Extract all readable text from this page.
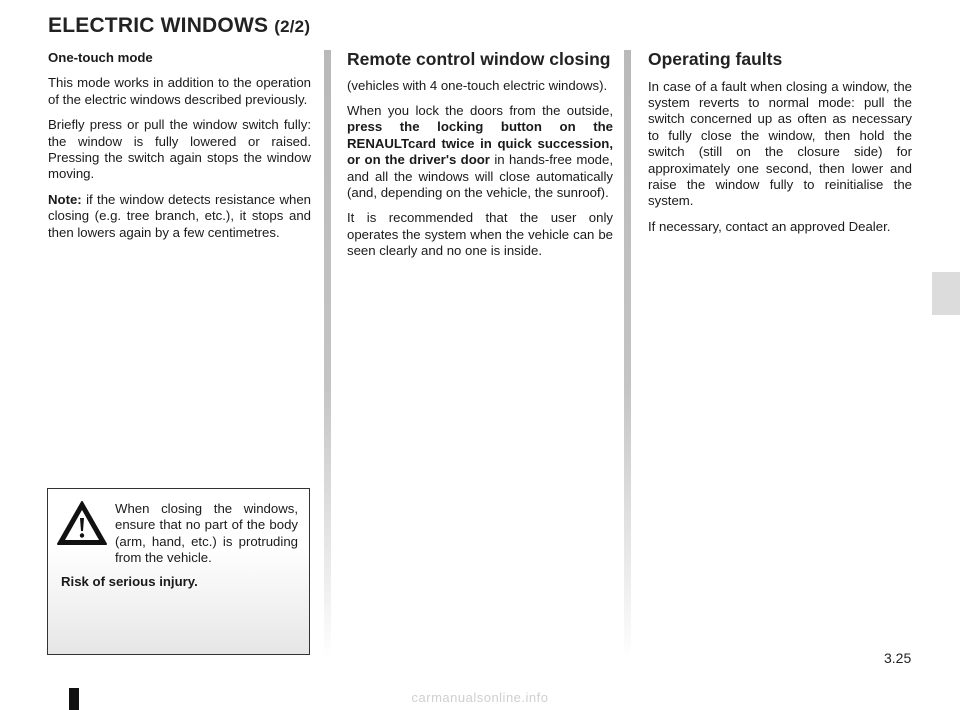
ELECTRIC WINDOWS (2/2)

One-touch mode

This mode works in addition to the operation of the electric windows described previously.

Briefly press or pull the window switch fully: the window is fully lowered or raised. Pressing the switch again stops the window moving.

Note: if the window detects resistance when closing (e.g. tree branch, etc.), it stops and then lowers again by a few centimetres.

Remote control window closing

(vehicles with 4 one-touch electric windows).

When you lock the doors from the outside, press the locking button on the RENAULTcard twice in quick succession, or on the driver's door in hands-free mode, and all the windows will close automatically (and, depending on the vehicle, the sunroof).

It is recommended that the user only operates the system when the vehicle can be seen clearly and no one is inside.

Operating faults

In case of a fault when closing a window, the system reverts to normal mode: pull the switch concerned up as often as necessary to fully close the window, then hold the switch (still on the closure side) for approximately one second, then lower and raise the window fully to reinitialise the system.

If necessary, contact an approved Dealer.

When closing the windows, ensure that no part of the body (arm, hand, etc.) is protruding from the vehicle.
Risk of serious injury.
3.25
carmanualsonline.info
